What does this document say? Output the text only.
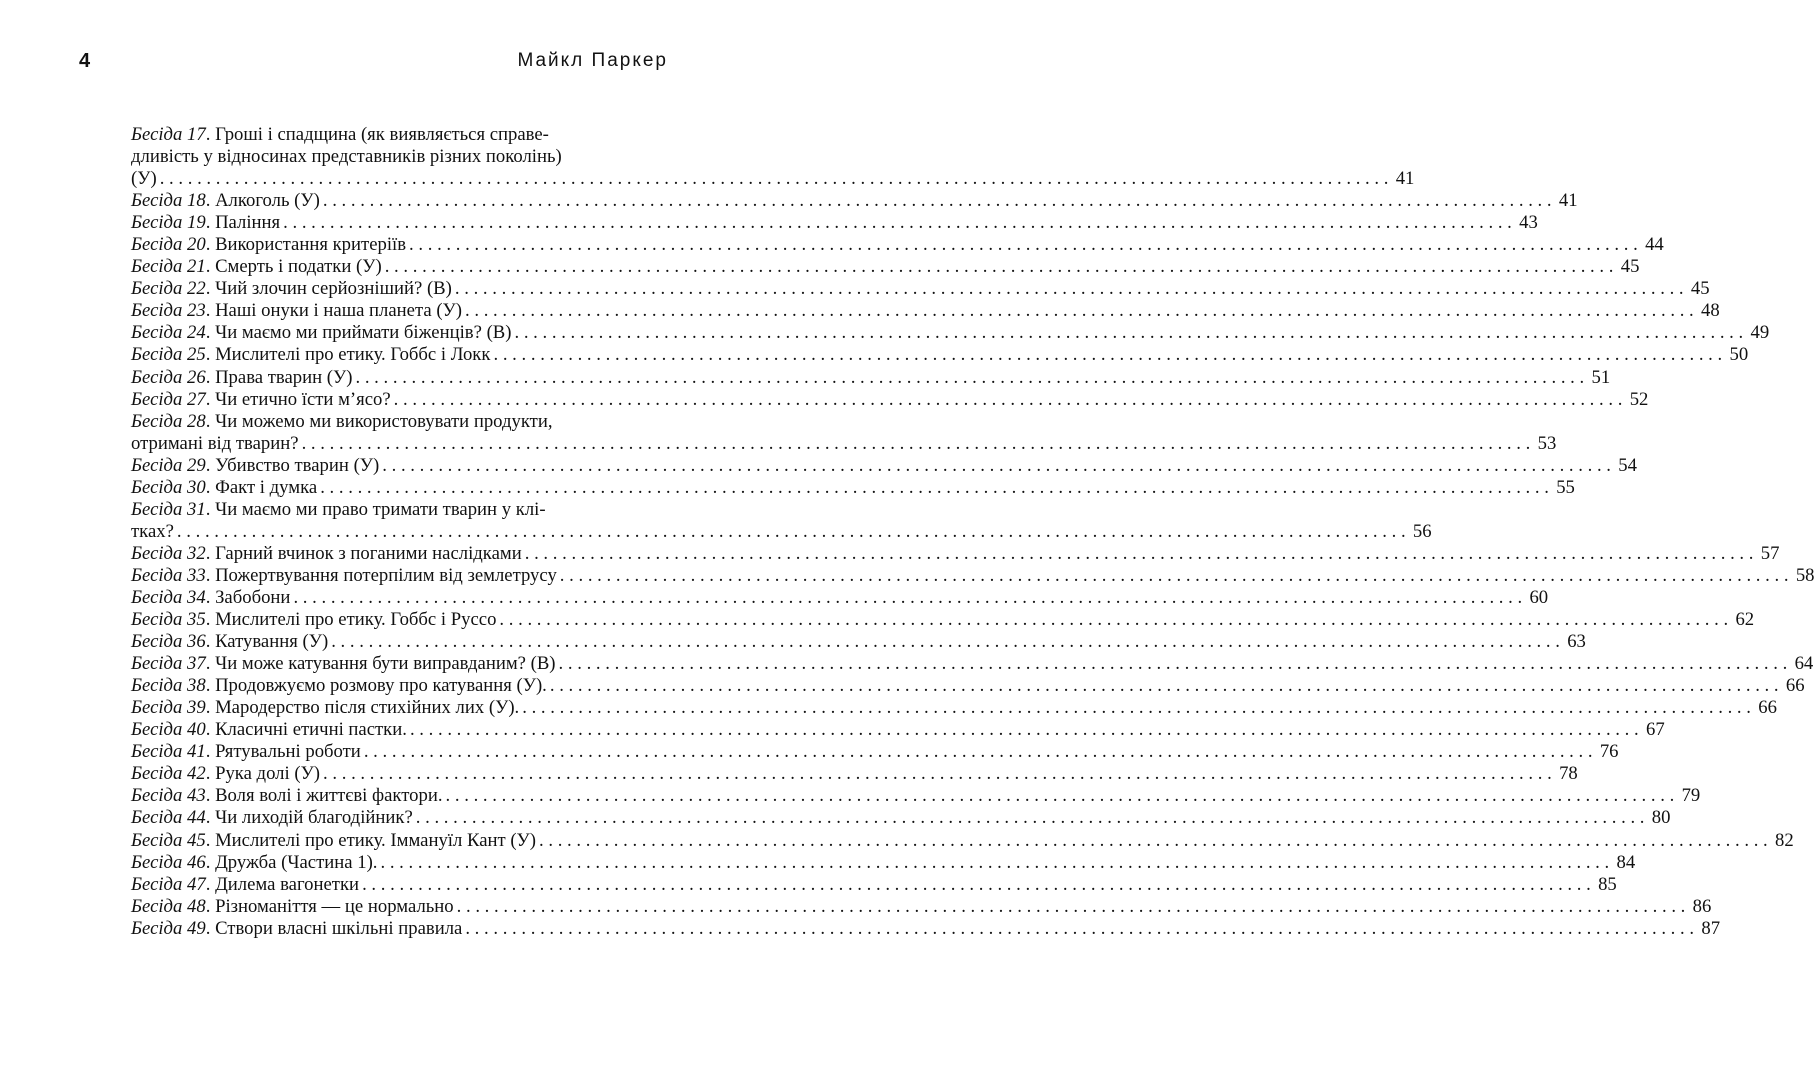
4	Майкл Паркер
Бесіда 17. Гроші і спадщина (як виявляється справе-
дливість у відносинах представників різних поколінь)
(У) . . .	41
Бесіда 18. Алкоголь (У) . . .	41
Бесіда 19. Паління . . .	43
Бесіда 20. Використання критеріїв . . .	44
Бесіда 21. Смерть і податки (У) . . .	45
Бесіда 22. Чий злочин серйозніший? (В) . . .	45
Бесіда 23. Наші онуки і наша планета (У) . . .	48
Бесіда 24. Чи маємо ми приймати біженців? (В) . . .	49
Бесіда 25. Мислителі про етику. Гоббс і Локк . . .	50
Бесіда 26. Права тварин (У) . . .	51
Бесіда 27. Чи етично їсти м’ясо? . . .	52
Бесіда 28. Чи можемо ми використовувати продукти,
отримані від тварин? . . .	53
Бесіда 29. Убивство тварин (У) . . .	54
Бесіда 30. Факт і думка . . .	55
Бесіда 31. Чи маємо ми право тримати тварин у клі-
тках? . . .	56
Бесіда 32. Гарний вчинок з поганими наслідками . . .	57
Бесіда 33. Пожертвування потерпілим від землетрусу . . .	58
Бесіда 34. Забобони . . .	60
Бесіда 35. Мислителі про етику. Гоббс і Руссо . . .	62
Бесіда 36. Катування (У) . . .	63
Бесіда 37. Чи може катування бути виправданим? (В) . . .	64
Бесіда 38. Продовжуємо розмову про катування (У). . . .	66
Бесіда 39. Мародерство після стихійних лих (У). . . .	66
Бесіда 40. Класичні етичні пастки. . . .	67
Бесіда 41. Рятувальні роботи . . .	76
Бесіда 42. Рука долі (У) . . .	78
Бесіда 43. Воля волі і життєві фактори. . . .	79
Бесіда 44. Чи лиходій благодійник? . . .	80
Бесіда 45. Мислителі про етику. Іммануїл Кант (У) . . .	82
Бесіда 46. Дружба (Частина 1). . . .	84
Бесіда 47. Дилема вагонетки . . .	85
Бесіда 48. Різноманіття — це нормально . . .	86
Бесіда 49. Створи власні шкільні правила . . .	87
